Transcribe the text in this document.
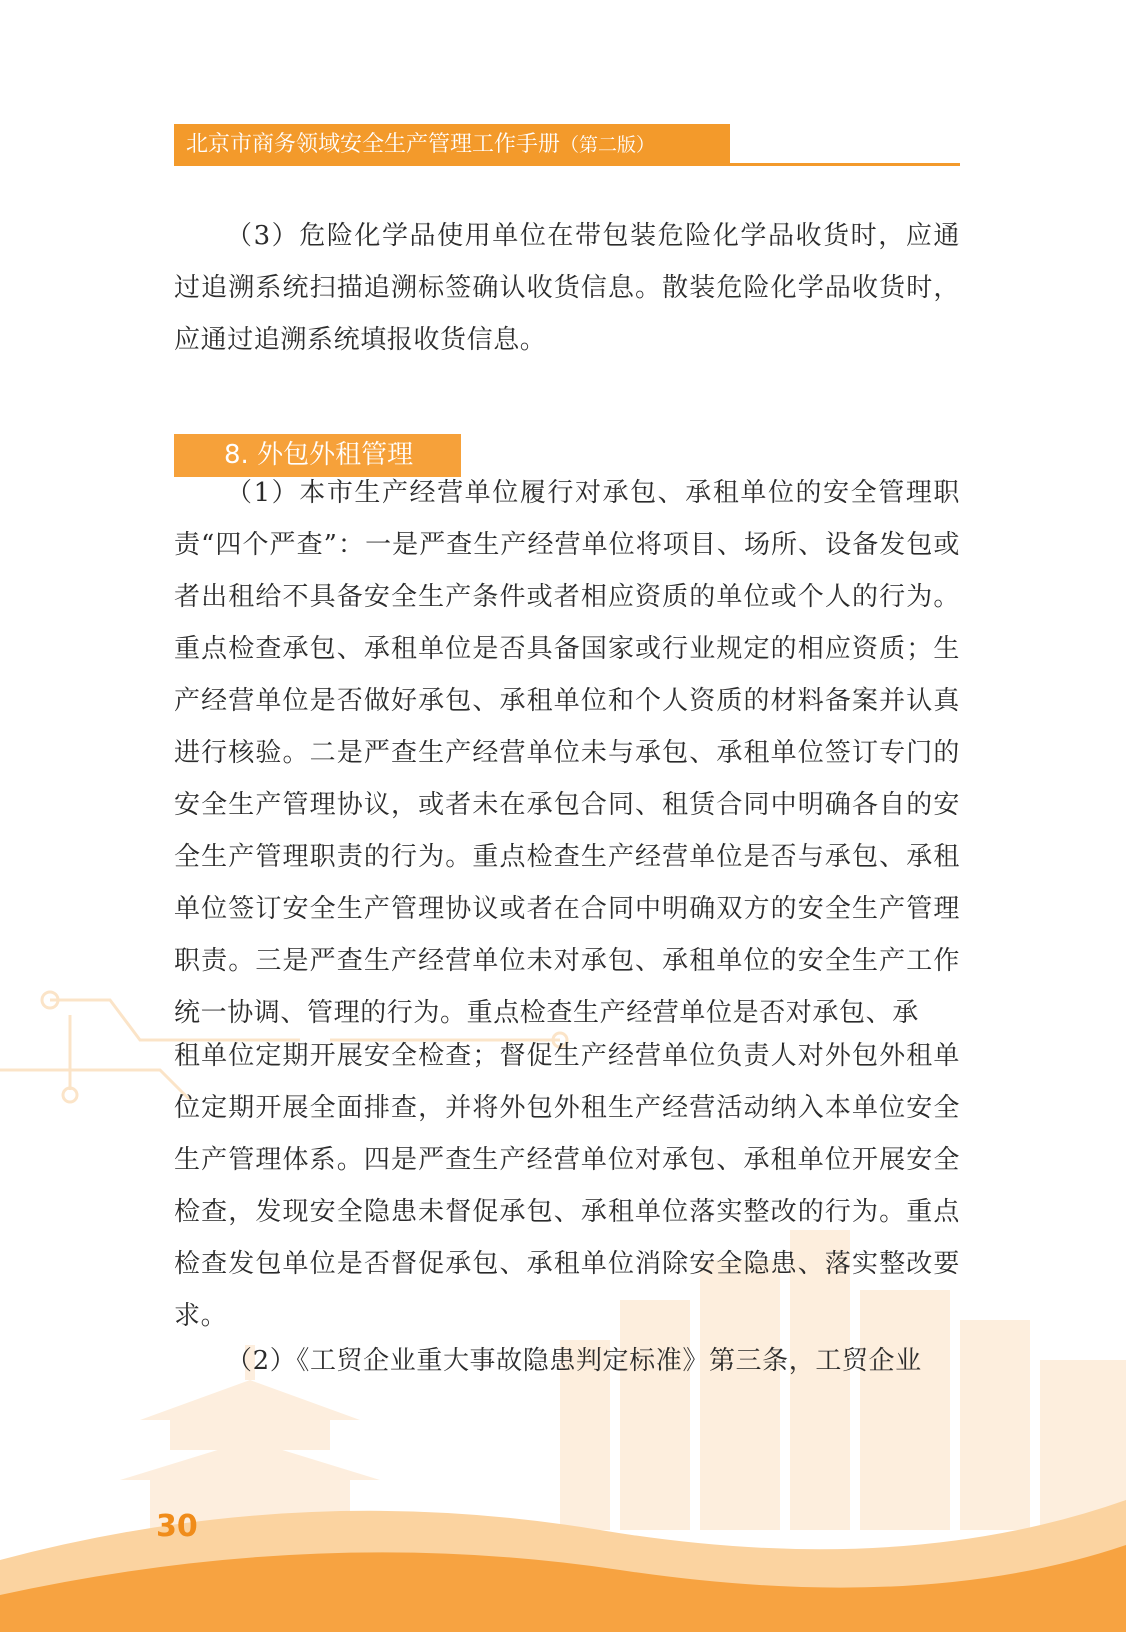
北京市商务领域安全生产管理工作手册（第二版）

（3）危险化学品使用单位在带包装危险化学品收货时，应通过追溯系统扫描追溯标签确认收货信息。散装危险化学品收货时，应通过追溯系统填报收货信息。

8. 外包外租管理

（1）本市生产经营单位履行对承包、承租单位的安全管理职责“四个严查”：一是严查生产经营单位将项目、场所、设备发包或者出租给不具备安全生产条件或者相应资质的单位或个人的行为。重点检查承包、承租单位是否具备国家或行业规定的相应资质；生产经营单位是否做好承包、承租单位和个人资质的材料备案并认真进行核验。二是严查生产经营单位未与承包、承租单位签订专门的安全生产管理协议，或者未在承包合同、租赁合同中明确各自的安全生产管理职责的行为。重点检查生产经营单位是否与承包、承租单位签订安全生产管理协议或者在合同中明确双方的安全生产管理职责。三是严查生产经营单位未对承包、承租单位的安全生产工作统一协调、管理的行为。重点检查生产经营单位是否对承包、承

租单位定期开展安全检查；督促生产经营单位负责人对外包外租单位定期开展全面排查，并将外包外租生产经营活动纳入本单位安全生产管理体系。四是严查生产经营单位对承包、承租单位开展安全检查，发现安全隐患未督促承包、承租单位落实整改的行为。重点检查发包单位是否督促承包、承租单位消除安全隐患、落实整改要求。

（2）《工贸企业重大事故隐患判定标准》第三条，工贸企业

30
